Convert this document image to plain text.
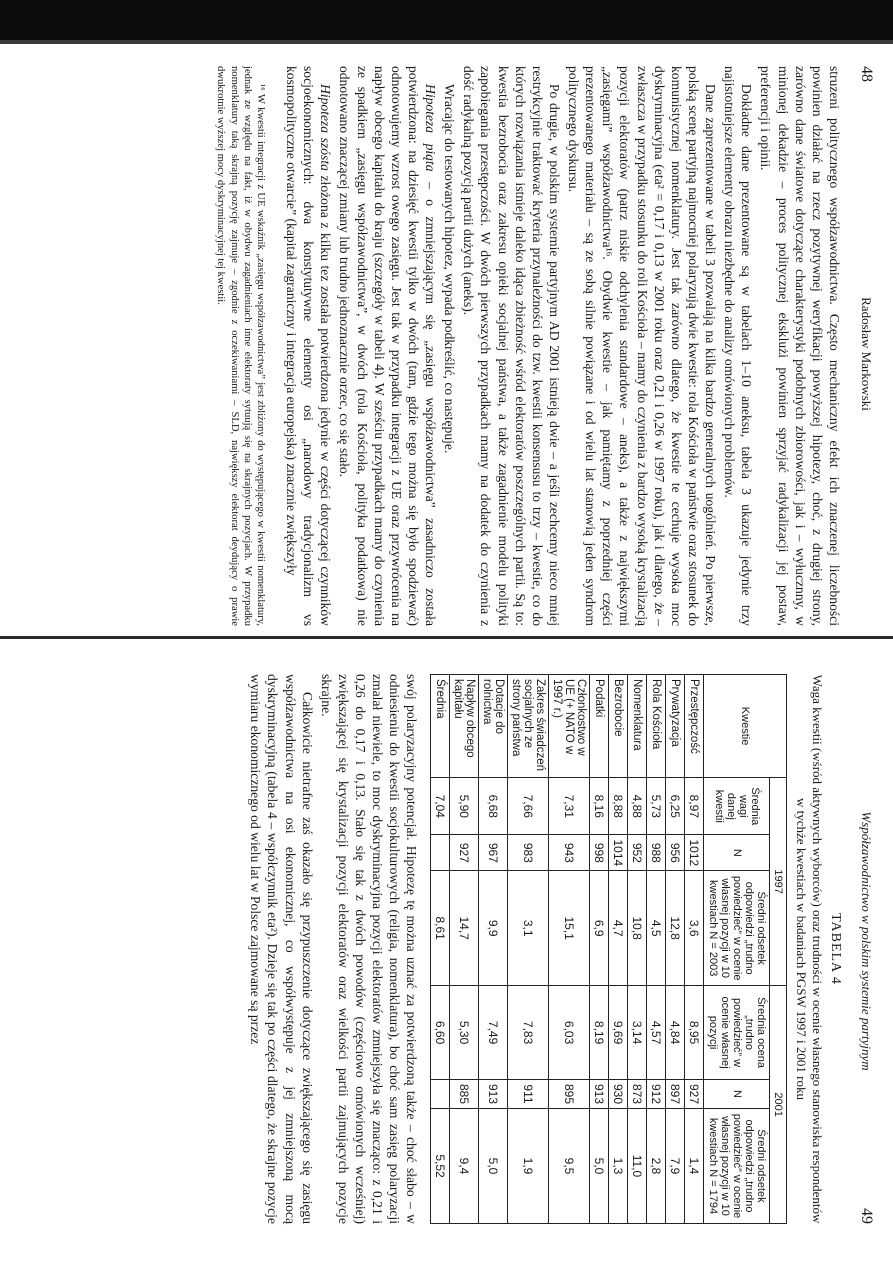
48
Radosław Markowski

struzeni politycznego współzawodnictwa. Często mechaniczny efekt ich znaczenej liczebności powinien działać na rzecz pozytywnej weryfikacji powyższej hipotezy, choć, z drugiej strony, zarówno dane światowe dotyczące charakterystyki podobnych zbiorowości, jak i – wyłucznny, w minionej dekadzie – proces politycznej eksklużi powinien sprzyjać radykalizacji jej postaw, preferencji i opinii.

Dokładne dane prezentowane są w tabelach 1–10 aneksu, tabela 3 ukazuje jedynie trzy najistotniejsze elementy obrazu niezbędne do analizy omówionych problemów.

Dane zaprezentowane w tabeli 3 pozwalają na kilka bardzo generalnych uogólnień. Po pierwsze, polską scenę partyjną najmocniej polaryzują dwie kwestie: rola Kościoła w państwie oraz stosunek do komunistycznej nomenklatury. Jest tak zarówno dlatego, że kwestie te cechuje wysoka moc dyskryminacyjna (eta² = 0,17 i 0,13 w 2001 roku oraz 0,21 i 0,26 w 1997 roku), jak i dlatego, że – zwłaszcza w przypadku stosunku do roli Kościoła – mamy do czynienia z bardzo wysoką krystalizacją pozycji elektoratów (patrz niskie odchylenia standardowe – aneks), a także z największymi „zasięgami” współzawodnictwa¹⁶. Obydwie kwestie – jak pamiętamy z poprzedniej części prezentowanego materiału – są ze sobą silnie powiązane i od wielu lat stanowią jeden syndrom politycznego dyskursu.

Po drugie, w polskim systemie partyjnym AD 2001 istnieją dwie – a jeśli zechcemy nieco mniej restrykcyjnie traktować kryteria przynależności do tzw. kwestii konsensusu to trzy – kwestie, co do których rozwiązania istnieje daleko idąca zbieżność wśród elektoratów poszczególnych partii. Są to: kwestia bezrobocia oraz zakresu opieki socjalnej państwa, a także zagadnienie modelu polityki zapobiegania przestępczości. W dwóch pierwszych przypadkach mamy na dodatek do czynienia z dość radykalną pozycją partii dużych (aneks).

Wracając do testowanych hipotez, wypada podkreślić, co następuje.

Hipoteza piąta – o zmniejszającym się „zasięgu współzawodnictwa” zasadniczo została potwierdzona: na dziesięć kwestii tylko w dwóch (tam, gdzie tego można się było spodziewać) odnotowujemy wzrost owego zasięgu. Jest tak w przypadku integracji z UE oraz przywrócenia na napływ obcego kapitału do kraju (szczegóły w tabeli 4). W sześciu przypadkach mamy do czynienia ze spadkiem „zasięgu współzawodnictwa”, w dwóch (rola Kościoła, polityka podatkowa) nie odnotowano znaczącej zmiany lub trudno jednoznacznie orzec, co się stało.

Hipoteza szósta złożona z kilku tez została potwierdzona jedynie w części dotyczącej czynników socjoekonomicznych: dwa konstytutywne elementy osi „narodowy tradycjonalizm vs kosmopolityczne otwarcie” (kapitał zagraniczny i integracja europejska) znacznie zwiększyły

¹⁶ W kwestii integracji z UE wskaźnik „zasięgu współzawodnictwa” jest zbliżony do występującego w kwestii nomenklatury, jednak ze względu na fakt, iż w obydwu zagadnieniach inne elektoraty sytuują się na skrajnych pozycjach. W przypadku nomenklatury taką skrajną pozycję zajmuje – zgodnie z oczekiwaniami – SLD, największy elektorat deydujący o prawie dwukrotnie wyższej mocy dyskryminacyjnej tej kwestii.
Współzawodnictwo w polskim systemie partyjnym
49
TABELA 4
Waga kwestii (wśród aktywnych wyborców) oraz trudności w ocenie własnego stanowiska respondentów w tychże kwestiach w badaniach PGSW 1997 i 2001 roku
Kwestie	1997			2001		
	Średnia wagi danej kwestii	N	Średni odsetek odpowiedzi „trudno powiedzieć” w ocenie własnej pozycji w 10 kwestiach N = 2003	Średnia ocena „trudno powiedzieć” w ocenie własnej pozycji	N	Średni odsetek odpowiedzi „trudno powiedzieć” w ocenie własnej pozycji w 10 kwestiach N = 1794
Przestępczość	8,97	1012	3,6	8,95	927	1,4
Prywatyzacja	6,25	956	12,8	4,84	897	7,9
Rola Kościoła	5,73	988	4,5	4,57	912	2,8
Nomenklatura	4,88	952	10,8	3,14	873	11,0
Bezrobocie	8,88	1014	4,7	9,69	930	1,3
Podatki	8,16	998	6,9	8,19	913	5,0
Członkostwo w UE (+ NATO w 1997 r.)	7,31	943	15,1	6,03	895	9,5
Zakres świadczeń socjalnych ze strony państwa	7,66	983	3,1	7,83	911	1,9
Dotacje do rolnictwa	6,68	967	9,9	7,49	913	5,0
Napływ obcego kapitału	5,90	927	14,7	5,30	885	9,4
Średnia	7,04		8,61	6,60		5,52

swój polaryzacyjny potencjał. Hipotezę tę można uznać za potwierdzoną także – choć słabo – w odniesieniu do kwestii socjokulturowych (religia, nomenklatura), bo choć sam zasięg polaryzacji zmalał niewiele, to moc dyskryminacyjna pozycji elektoratów zmniejszyła się znacząco: z 0,21 i 0,26 do 0,17 i 0,13. Stało się tak z dwóch powodów (częściowo omówionych wcześniej) zwiększającej się krystalizacji pozycji elektoratów oraz wielkości partii zajmujących pozycje skrajne.

Całkowicie nietrafne zaś okazało się przypuszczenie dotyczące zwiększającego się zasięgu współzawodnictwa na osi ekonomicznej, co współwystępuje z jej zmniejszoną mocą dyskryminacyjną (tabela 4 – współczynnik eta²). Dzieje się tak po części dlatego, że skrajne pozycje wymiaru ekonomicznego od wielu lat w Polsce zajmowane są przez
